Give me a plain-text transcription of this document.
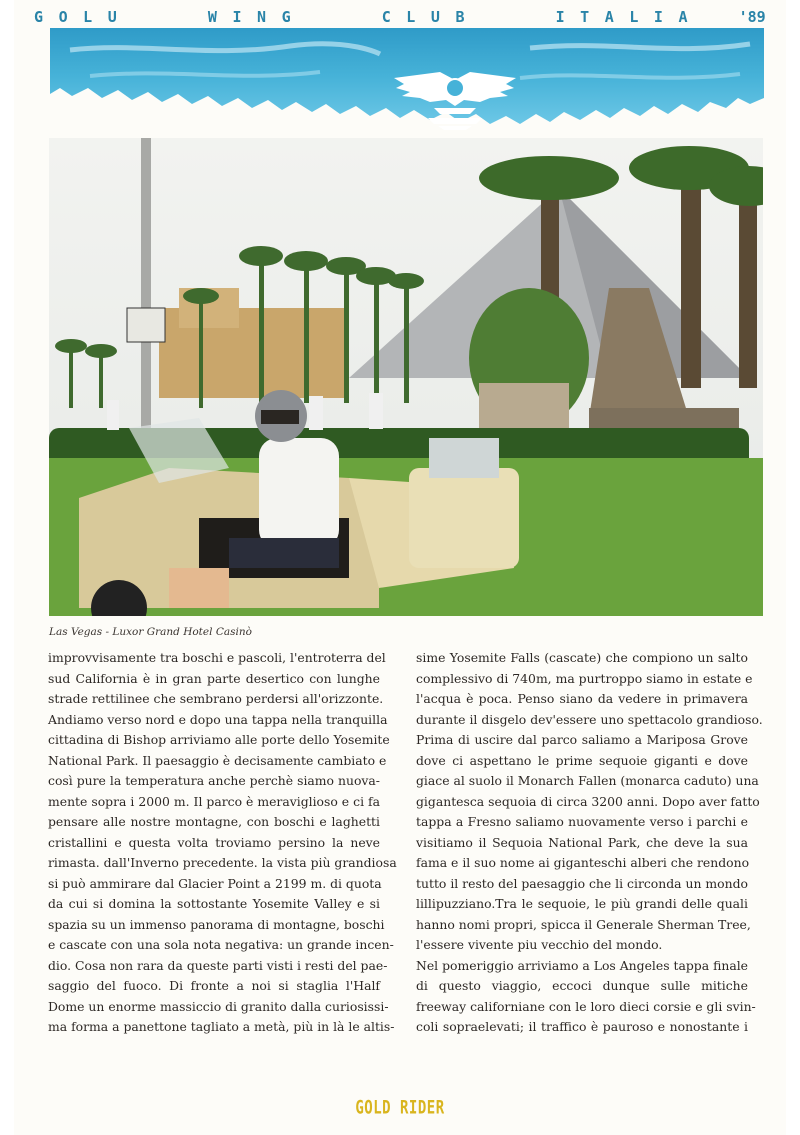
G O L U	W I N G	C L U B	I T A L I A	'89
Las Vegas - Luxor Grand Hotel Casinò
improvvisamente tra boschi e pascoli, l'entroterra del
sud California è in gran parte desertico con lunghe
strade rettilinee che sembrano perdersi all'orizzonte.
Andiamo verso nord e dopo una tappa nella tranquilla
cittadina di Bishop arriviamo alle porte dello Yosemite
National Park. Il paesaggio è decisamente cambiato e
così pure la temperatura anche perchè siamo nuova-
mente sopra i 2000 m. Il parco è meraviglioso e ci fa
pensare alle nostre montagne, con boschi e laghetti
cristallini e questa volta troviamo persino la neve
rimasta. dall'Inverno precedente. la vista più grandiosa
si può ammirare dal Glacier Point a 2199 m. di quota
da cui si domina la sottostante Yosemite Valley e si
spazia su un immenso panorama di montagne, boschi
e cascate con una sola nota negativa: un grande incen-
dio. Cosa non rara da queste parti visti i resti del pae-
saggio del fuoco. Di fronte a noi si staglia l'Half
Dome un enorme massiccio di granito dalla curiosissi-
ma forma a panettone tagliato a metà, più in là le altis-
sime Yosemite Falls (cascate) che compiono un salto
complessivo di 740m, ma purtroppo siamo in estate e
l'acqua è poca. Penso siano da vedere in primavera
durante il disgelo dev'essere uno spettacolo grandioso.
Prima di uscire dal parco saliamo a Mariposa Grove
dove ci aspettano le prime sequoie giganti e dove
giace al suolo il Monarch Fallen (monarca caduto) una
gigantesca sequoia di circa 3200 anni. Dopo aver fatto
tappa a Fresno saliamo nuovamente verso i parchi e
visitiamo il Sequoia National Park, che deve la sua
fama e il suo nome ai giganteschi alberi che rendono
tutto il resto del paesaggio che li circonda un mondo
lillipuzziano.Tra le sequoie, le più grandi delle quali
hanno nomi propri, spicca il Generale Sherman Tree,
l'essere vivente piu vecchio del mondo.
Nel pomeriggio arriviamo a Los Angeles tappa finale
di questo viaggio, eccoci dunque sulle mitiche
freeway californiane con le loro dieci corsie e gli svin-
coli sopraelevati; il traffico è pauroso e nonostante i
GOLD RIDER
